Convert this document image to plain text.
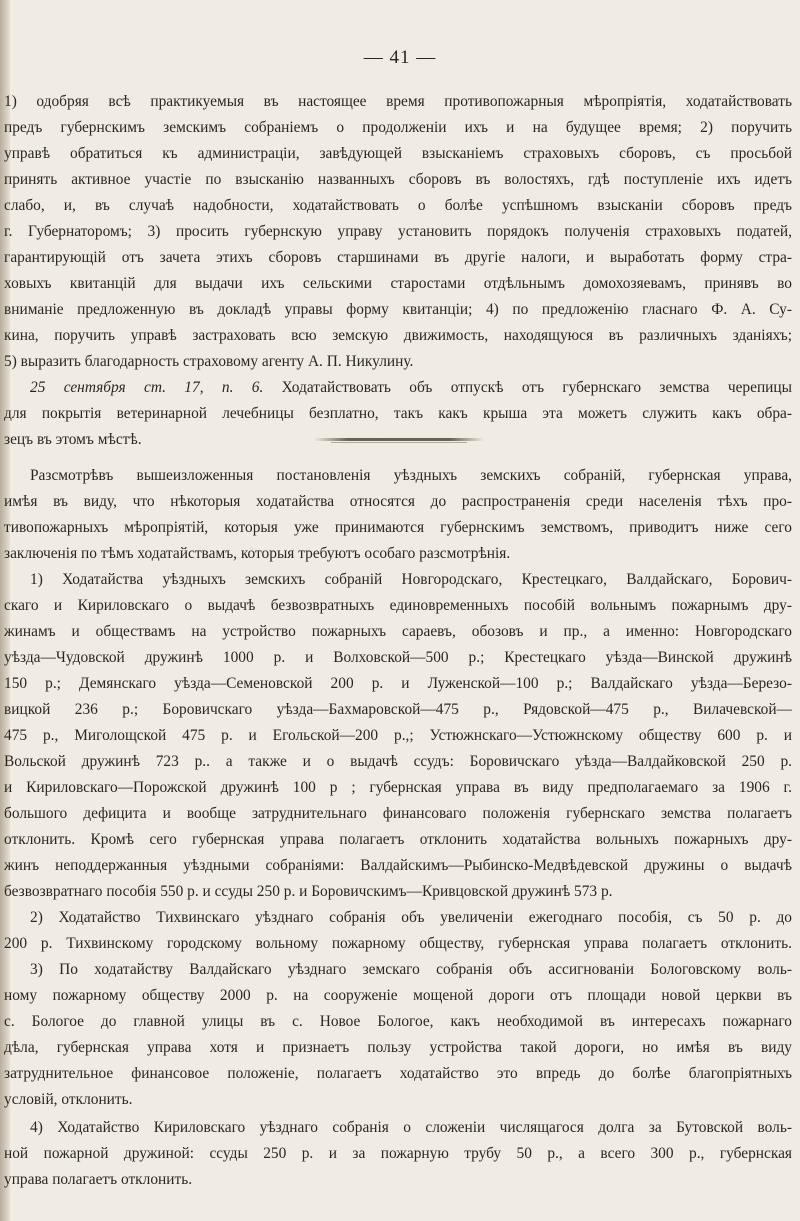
— 41 —
1) одобряя всѣ практикуемыя въ настоящее время противопожарныя мѣропріятія, ходатайствовать
предъ губернскимъ земскимъ собраніемъ о продолженіи ихъ и на будущее время; 2) поручить
управѣ обратиться къ администраціи, завѣдующей взысканіемъ страховыхъ сборовъ, съ просьбой
принять активное участіе по взысканію названныхъ сборовъ въ волостяхъ, гдѣ поступленіе ихъ идетъ
слабо, и, въ случаѣ надобности, ходатайствовать о болѣе успѣшномъ взысканіи сборовъ предъ
г. Губернаторомъ; 3) просить губернскую управу установить порядокъ полученія страховыхъ податей,
гарантирующій отъ зачета этихъ сборовъ старшинами въ другіе налоги, и выработать форму стра-
ховыхъ квитанцій для выдачи ихъ сельскими старостами отдѣльнымъ домохозяевамъ, принявъ во
вниманіе предложенную въ докладѣ управы форму квитанціи; 4) по предложенію гласнаго Ф. А. Су-
кина, поручить управѣ застраховать всю земскую движимость, находящуюся въ различныхъ зданіяхъ;
5) выразить благодарность страховому агенту А. П. Никулину.
25 сентября ст. 17, п. 6. Ходатайствовать объ отпускѣ отъ губернскаго земства черепицы
для покрытія ветеринарной лечебницы безплатно, такъ какъ крыша эта можетъ служить какъ обра-
зецъ въ этомъ мѣстѣ.
Разсмотрѣвъ вышеизложенныя постановленія уѣздныхъ земскихъ собраній, губернская управа,
имѣя въ виду, что нѣкоторыя ходатайства относятся до распространенія среди населенія тѣхъ про-
тивопожарныхъ мѣропріятій, которыя уже принимаются губернскимъ земствомъ, приводитъ ниже сего
заключенія по тѣмъ ходатайствамъ, которыя требуютъ особаго разсмотрѣнія.
1) Ходатайства уѣздныхъ земскихъ собраній Новгородскаго, Крестецкаго, Валдайскаго, Борович-
скаго и Кириловскаго о выдачѣ безвозвратныхъ единовременныхъ пособій вольнымъ пожарнымъ дру-
жинамъ и обществамъ на устройство пожарныхъ сараевъ, обозовъ и пр., а именно: Новгородскаго
уѣзда—Чудовской дружинѣ 1000 р. и Волховской—500 р.; Крестецкаго уѣзда—Винской дружинѣ
150 р.; Демянскаго уѣзда—Семеновской 200 р. и Луженской—100 р.; Валдайскаго уѣзда—Березо-
вицкой 236 р.; Боровичскаго уѣзда—Бахмаровской—475 р., Рядовской—475 р., Вилачевской—
475 р., Миголощской 475 р. и Егольской—200 р.,; Устюжнскаго—Устюжнскому обществу 600 р. и
Вольской дружинѣ 723 р.. а также и о выдачѣ ссудъ: Боровичскаго уѣзда—Валдайковской 250 р.
и Кириловскаго—Порожской дружинѣ 100 р ; губернская управа въ виду предполагаемаго за 1906 г.
большого дефицита и вообще затруднительнаго финансоваго положенія губернскаго земства полагаетъ
отклонить. Кромѣ сего губернская управа полагаетъ отклонить ходатайства вольныхъ пожарныхъ дру-
жинъ неподдержанныя уѣздными собраніями: Валдайскимъ—Рыбинско-Медвѣдевской дружины о выдачѣ
безвозвратнаго пособія 550 р. и ссуды 250 р. и Боровичскимъ—Кривцовской дружинѣ 573 р.
2) Ходатайство Тихвинскаго уѣзднаго собранія объ увеличеніи ежегоднаго пособія, съ 50 р. до
200 р. Тихвинскому городскому вольному пожарному обществу, губернская управа полагаетъ отклонить.
3) По ходатайству Валдайскаго уѣзднаго земскаго собранія объ ассигнованіи Бологовскому воль-
ному пожарному обществу 2000 р. на сооруженіе мощеной дороги отъ площади новой церкви въ
с. Бологое до главной улицы въ с. Новое Бологое, какъ необходимой въ интересахъ пожарнаго
дѣла, губернская управа хотя и признаетъ пользу устройства такой дороги, но имѣя въ виду
затруднительное финансовое положеніе, полагаетъ ходатайство это впредь до болѣе благопріятныхъ
условій, отклонить.
4) Ходатайство Кириловскаго уѣзднаго собранія о сложеніи числящагося долга за Бутовской воль-
ной пожарной дружиной: ссуды 250 р. и за пожарную трубу 50 р., а всего 300 р., губернская
управа полагаетъ отклонить.
